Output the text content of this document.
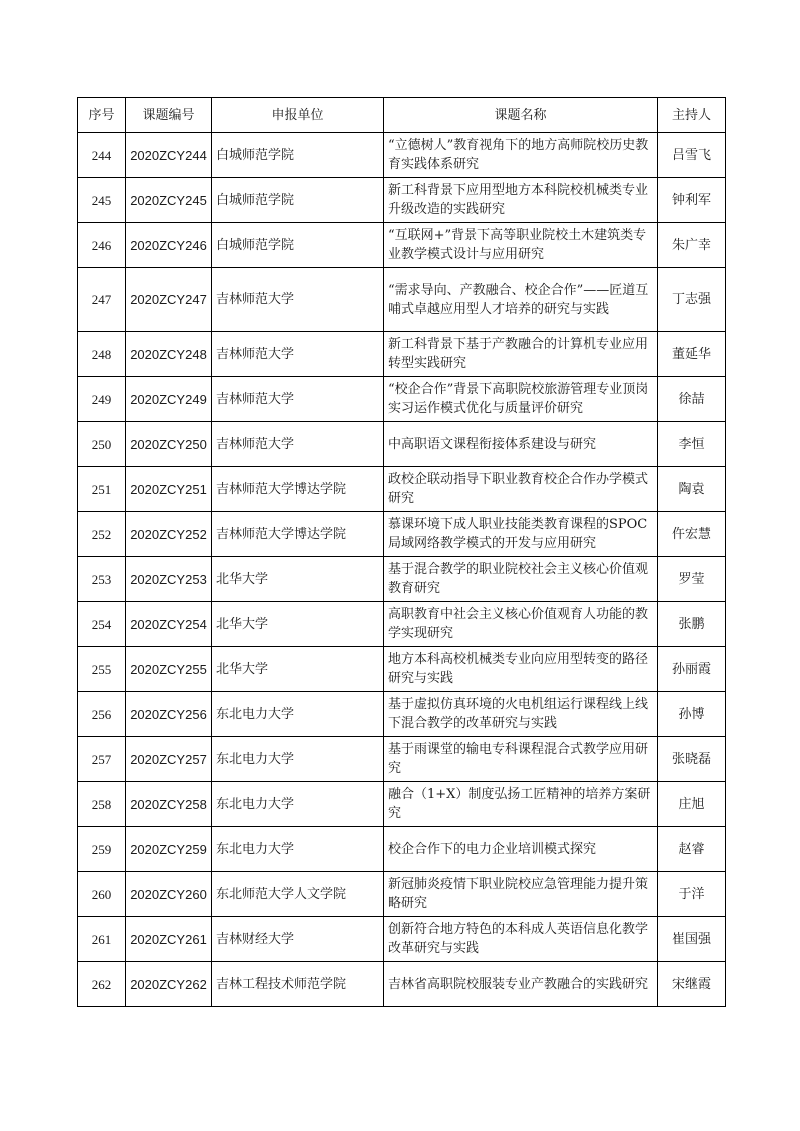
序号	课题编号	申报单位	课题名称	主持人
244	2020ZCY244	白城师范学院	“立德树人”教育视角下的地方高师院校历史教育实践体系研究	吕雪飞
245	2020ZCY245	白城师范学院	新工科背景下应用型地方本科院校机械类专业升级改造的实践研究	钟利军
246	2020ZCY246	白城师范学院	“互联网+”背景下高等职业院校土木建筑类专业教学模式设计与应用研究	朱广幸
247	2020ZCY247	吉林师范大学	“需求导向、产教融合、校企合作”——匠道互哺式卓越应用型人才培养的研究与实践	丁志强
248	2020ZCY248	吉林师范大学	新工科背景下基于产教融合的计算机专业应用转型实践研究	董延华
249	2020ZCY249	吉林师范大学	“校企合作”背景下高职院校旅游管理专业顶岗实习运作模式优化与质量评价研究	徐喆
250	2020ZCY250	吉林师范大学	中高职语文课程衔接体系建设与研究	李恒
251	2020ZCY251	吉林师范大学博达学院	政校企联动指导下职业教育校企合作办学模式研究	陶袁
252	2020ZCY252	吉林师范大学博达学院	慕课环境下成人职业技能类教育课程的SPOC局域网络教学模式的开发与应用研究	仵宏慧
253	2020ZCY253	北华大学	基于混合教学的职业院校社会主义核心价值观教育研究	罗莹
254	2020ZCY254	北华大学	高职教育中社会主义核心价值观育人功能的教学实现研究	张鹏
255	2020ZCY255	北华大学	地方本科高校机械类专业向应用型转变的路径研究与实践	孙丽霞
256	2020ZCY256	东北电力大学	基于虚拟仿真环境的火电机组运行课程线上线下混合教学的改革研究与实践	孙博
257	2020ZCY257	东北电力大学	基于雨课堂的输电专科课程混合式教学应用研究	张晓磊
258	2020ZCY258	东北电力大学	融合（1+X）制度弘扬工匠精神的培养方案研究	庄旭
259	2020ZCY259	东北电力大学	校企合作下的电力企业培训模式探究	赵睿
260	2020ZCY260	东北师范大学人文学院	新冠肺炎疫情下职业院校应急管理能力提升策略研究	于洋
261	2020ZCY261	吉林财经大学	创新符合地方特色的本科成人英语信息化教学改革研究与实践	崔国强
262	2020ZCY262	吉林工程技术师范学院	吉林省高职院校服装专业产教融合的实践研究	宋继霞
